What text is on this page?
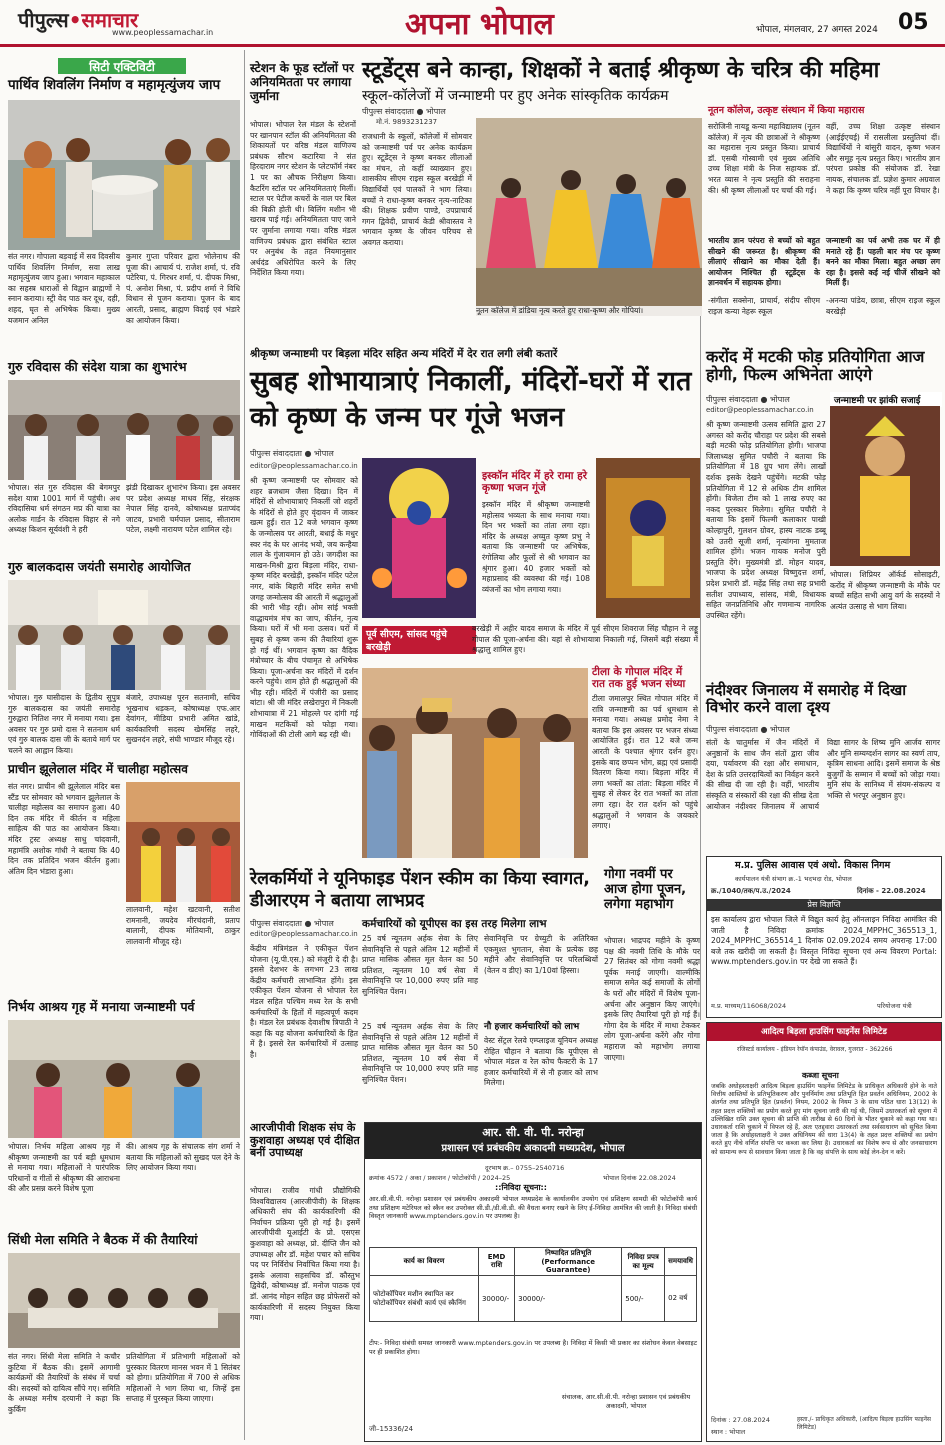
पीपुल्स•समाचार
www.peoplessamachar.in	अपना भोपाल	भोपाल, मंगलवार, 27 अगस्त 2024 05
सिटी एक्टिविटी
पार्थिव शिवलिंग निर्माण व महामृत्युंजय जाप
संत नगर। गोपाला बड़वाई में सव दिवसीय पार्थिव शिवलिंग निर्माण, सवा लाख महामृत्युंजय जाप हुआ। भगवान महाकाल का सहस्त्र धाराओं से विद्वान ब्राह्मणों ने स्नान कराया। स्ट्री वेद पाठ कर दूध, दही, शहद, घृत से अभिषेक किया। मुख्य यजमान अनिल
कुमार गुप्ता परिवार द्वारा भोलेनाथ की पूजा की। आचार्य पं. राजेश शर्मा, पं. रवि पटेरिया, पं. गिरधर शर्मा, पं. दीपक मिश्रा, पं. अनोश मिश्रा, पं. प्रदीप शर्मा ने विधि विधान से पूजन कराया। पूजन के बाद आरती, प्रसाद, ब्राह्मण विदाई एवं भंडारे का आयोजन किया।
गुरु रविदास की संदेश यात्रा का शुभारंभ
भोपाल। संत गुरु रविदास की बेगमपुर सदेश यात्रा 1001 मार्ग में पहुंची। अथ रविदासिया धर्म संगठन मप्र की यात्रा का अलोक गार्डन के रविदास विहार से नगे अध्यक्ष किशन सूर्यवंशी ने हरी
झंडी दिखाकर शुभारंभ किया। इस अवसर पर प्रदेश अध्यक्ष माधव सिंह, संरक्षक नेपाल सिंह दानवे, कोषाध्यक्ष प्रताप्चंद जाटव, प्रभारी चर्मपाल प्रसाद, सीताराम पटेल, लक्ष्मी नारायण पटेल शामिल रहे।
गुरु बालकदास जयंती समारोह आयोजित
भोपाल। गुरु घासीदास के द्वितीय सुपुत्र गुरु बालकदास का जयंती समारोह गुरुद्वारा नितिश नगर में मनाया गया। इस अवसर पर गुरु प्रमो दास ने सतनाम धर्म एवं गुरु बालक दास जी के बताये मार्ग पर चलने का आह्वान किया।
बंजारे, उपाध्यक्ष पूरन सतनामी, सचिव भूखनाथ धड़कन, कोषाध्यक्ष एफ.आर देवांगन, मीडिया प्रभारी अमित खांडे, कार्यकारिणी सदस्य खेमसिंह लहरे, सुखनदंन लहरे, संघी भाण्डार मौजूद रहे।
प्राचीन झूलेलाल मंदिर में चालीहा महोत्सव
संत नगर। प्राचीन श्री झूलेलाल मंदिर बस स्टैंड पर सोमवार को भगवान झूलेलाल के चालीहा महोत्सव का समापन हुआ। 40 दिन तक मंदिर में कीर्तन व महिला साहित्य की पाठ का आयोजन किया। मंदिर ट्रस्ट अध्यक्ष साधु चांदवानी, महामंत्रि अशोक गांधी ने बताया कि 40 दिन तक प्रतिदिन भजन कीर्तन हुआ। अंतिम दिन भंडारा हुआ।
लालवानी, महेश खटवानी, सतीश रामनानी, जयदेव मीरचंदानी, प्रताप बालानी, दीपक मोतियानी, ठाकुर लालवानी मौजूद रहे।
निर्भय आश्रय गृह में मनाया जन्माष्टमी पर्व
भोपाल। निर्भय महिला आश्रय गृह में श्रीकृष्ण जन्माष्टमी का पर्व बड़ी धूमधाम से मनाया गया। महिलाओं ने पारंपरिक परिधानों व गीतों से श्रीकृष्ण की आराधना की और प्रसन्न करने विशेष पूजा
की। आश्रय गृह के संचालक संग शर्मा ने बताया कि महिलाओं को सुखद पल देने के लिए आयोजन किया गया।
सिंधी मेला समिति ने बैठक में की तैयारियां
संत नगर। सिंधी मेला समिति ने कचौर कुटिया में बैठक की। इसमें आगामी कार्यक्रमों की तैयारियों के संबंध में चर्चा की। सदस्यों को दायित्व सौंपे गए। समिति के अध्यक्ष मनीष दरयानी ने कहा कि कुर्किंग
प्रतियोगिता में प्रतिभागी महिलाओं को पुरस्कार वितरण मानस भवन में 1 सितंबर को होगा। प्रतियोगिता में 700 से अधिक महिलाओं ने भाग लिया था, जिन्हें इस सप्ताह में पुरस्कृत किया जाएगा।
स्टेशन के फूड स्टॉलों पर अनियमितता पर लगाया जुर्माना
भोपाल। भोपाल रेल मंडल के स्टेशनों पर खानपान स्टॉल की अनियमितता की शिकायतों पर वरिष्ठ मंडल वाणिज्य प्रबंधक सौरभ कटारिया ने संत हिरदाराम नगर स्टेशन के प्लेटफॉर्म नंबर 1 पर का औचक निरीक्षण किया। कैटरिंग स्टॉल पर अनियमितताएं मिलीं। स्टाल पर पेटीज कचरों के नाल पर बिल की बिक्री होती थी। बिलिंग मशीन भी खराब पाई गई। अनियमितता पाए जाने पर जुर्माना लगाया गया। वरिष्ठ मंडल वाणिज्य प्रबंधक द्वारा संबंधित स्टाल पर अनुबंध के तहत नियमानुसार अर्थदंड अधिरोपित करने के लिए निर्देशित किया गया।
स्टूडेंट्स बने कान्हा, शिक्षकों ने बताई श्रीकृष्ण के चरित्र की महिमा
स्कूल-कॉलेजों में जन्माष्टमी पर हुए अनेक सांस्कृतिक कार्यक्रम
पीपुल्स संवाददाता ● भोपाल
मो.नं. 9893231237
राजधानी के स्कूलों, कॉलेजों में सोमवार को जन्माष्टमी पर्व पर अनेक कार्यक्रम हुए। स्टूडेंट्स ने कृष्ण बनकर लीलाओं का मंचन, तो कहीं व्याख्यान हुए। शासकीय सीएम राइस स्कूल बरखेड़ी में विद्यार्थियों एवं पालकों ने भाग लिया। बच्चों ने राधा-कृष्ण बनकर नृत्य-नाटिका की। शिक्षक प्रवीण पाण्डे, उपप्राचार्य गगन द्विवेदी, प्राचार्य केडी श्रीवास्तव ने भगवान कृष्ण के जीवन परिचय से अवगत कराया।
नूतन कॉलेज में डांडिया नृत्य करते हुए राधा-कृष्ण और गोपियां।
नूतन कॉलेज, उत्कृष्ट संस्थान में किया महारास
सरोजिनी नायडू कन्या महाविद्यालय (नूतन कॉलेज) में नृत्य की छात्राओं ने श्रीकृष्ण का महारास नृत्य प्रस्तुत किया। प्राचार्य डॉ. एसबी गोस्वामी एवं मुख्य अतिथि उच्च शिक्षा मंत्री के निज सहायक डॉ. भरत व्यास ने नृत्य प्रस्तुति की सराहना की। श्री कृष्ण लीलाओं पर चर्चा की गई।
वहीं, उच्च शिक्षा उत्कृष्ट संस्थान (आईईएचई) में रासलीला प्रस्तुतियां दीं। विद्यार्थियों ने बांसुरी वादन, कृष्ण भजन और समूह नृत्य प्रस्तुत किए। भारतीय ज्ञान परंपरा प्रकोष्ठ की संयोजक डॉ. रेखा नायक, संचालक डॉ. प्रज्ञेश कुमार अग्रवाल ने कहा कि कृष्ण चरित्र नहीं पूरा विचार है।
भारतीय ज्ञान परंपरा से बच्चों को बहुत सीखने की जरूरत है। श्रीकृष्ण की लीलाएं सीखाने का मौका देती हैं। आयोजन निश्चित ही स्टूडेंट्स के ज्ञानवर्धन में सहायक होगा।
-संगीता सक्सेना, प्राचार्य, संदीप सीएम राइज कन्या नेहरू स्कूल
जन्माष्टमी का पर्व अभी तक घर में ही मनाते रहे हैं। पहली बार मंच पर कृष्ण बनने का मौका मिला। बहुत अच्छा लग रहा है। इससे कई नई चीजें सीखने को मिलीं हैं।
-अनन्या पांडेय, छात्रा, सीएम राइज स्कूल बरखेड़ी
श्रीकृष्ण जन्माष्टमी पर बिड़ला मंदिर सहित अन्य मंदिरों में देर रात लगी लंबी कतारें
सुबह शोभायात्राएं निकालीं, मंदिरों-घरों में रात को कृष्ण के जन्म पर गूंजे भजन
पीपुल्स संवाददाता ● भोपाल
editor@peoplessamachar.co.in
श्री कृष्ण जन्माष्टमी पर सोमवार को शहर ब्रजधाम जैसा दिखा। दिन में मंदिरों से शोभायात्राएं निकलीं जो शहरों के मंदिरों से होते हुए वृंदावन में जाकर खत्म हुईं। रात 12 बजे भगवान कृष्ण के जन्मोत्सव पर आरती, बधाई के मधुर स्वर नंद के घर आनंद भयो, जय कन्हैया लाल के गुंजायमान हो उठे। जगदीश का माखन-मिश्री द्वारा बिड़ला मंदिर, राधा-कृष्ण मंदिर बरखेड़ी, इस्कॉन मंदिर पटेल नगर, बांके बिहारी मंदिर समेत सभी जगह जन्मोत्सव की आरती में श्रद्धालुओं की भारी भीड़ रही। ओम सांई भक्ती वाद्धायमंत्र मंच का जाप, कीर्तन, नृत्य किया। घरों में भी मना उत्सव। घरों में सुबह से कृष्ण जन्म की तैयारियां शुरू हो गई थीं। भगवान कृष्ण का वैदिक मंत्रोच्चार के बीच पंचामृत से अभिषेक किया। पूजा-अर्चना कर मंदिरों में दर्शन करने पहुंचे। शाम होते ही श्रद्धालुओं की भीड़ रही। मंदिरों में पंजीरी का प्रसाद बांटा। श्री जी मंदिर लखेरापुरा में निकली शोभायात्रा में 21 मोहल्ले पर दांगी गई माखन मटकियों को फोड़ा गया। गोविंदाओं की टोली आगे बढ़ रही थी।
इस्कॉन मंदिर में हरे रामा हरे कृष्णा भजन गूंजे
इस्कॉन मंदिर में श्रीकृष्ण जन्माष्टमी महोत्सव भव्यता के साथ मनाया गया। दिन भर भक्तों का तांता लगा रहा। मंदिर के अध्यक्ष अच्युत कृष्ण प्रभु ने बताया कि जन्माष्टमी पर अभिषेक, रंगोलिया और फूलों से श्री भगवान का श्रृंगार हुआ। 40 हजार भक्तों को महाप्रसाद की व्यवस्था की गई। 108 व्यंजनों का भोग लगाया गया।
पूर्व सीएम, सांसद पहुंचे बरखेड़ी
बरखेड़ी में अहीर यादव समाज के मंदिर में पूर्व सीएम शिवराज सिंह चौहान ने लड्डू गोपाल की पूजा-अर्चना की। यहां से शोभायात्रा निकाली गई, जिसमें बड़ी संख्या में श्रद्धालु शामिल हुए।
टीला के गोपाल मंदिर में रात तक हुई भजन संध्या
टीला जमालपुर स्थित गोपाल मंदिर में रात्रि जन्माष्टमी का पर्व धूमधाम से मनाया गया। अध्यक्ष प्रमोद नेमा ने बताया कि इस अवसर पर भजन संध्या आयोजित हुई। रात 12 बजे जन्म आरती के पश्चात श्रृंगार दर्शन हुए। इसके बाद छप्पन भोग, ब्रह्म एवं प्रसादी वितरण किया गया। बिड़ला मंदिर में लगा भक्तों का तांता: बिड़ला मंदिर में सुबह से लेकर देर रात भक्तों का तांता लगा रहा। देर रात दर्शन को पहुंचे श्रद्धालुओं ने भगवान के जयकारे लगाए।
करोंद में मटकी फोड़ प्रतियोगिता आज होगी, फिल्म अभिनेता आएंगे
पीपुल्स संवाददाता ● भोपाल
editor@peoplessamachar.co.in
श्री कृष्ण जन्माष्टमी उत्सव समिति द्वारा 27 अगस्त को करोंद चौराहा पर प्रदेश की सबसे बड़ी मटकी फोड़ प्रतियोगिता होगी। भाजपा जिलाध्यक्ष सुमित पचौरी ने बताया कि प्रतियोगिता में 18 ग्रुप भाग लेंगे। लाखों दर्शक इसके देखने पहुंचेंगे। मटकी फोड़ प्रतियोगिता में 12 से अधिक टीम शामिल होंगी। विजेता टीम को 1 लाख रुपए का नकद पुरस्कार मिलेगा। सुमित पचौरी ने बताया कि इसमें फिल्मी कलाकार पाखी कोल्हापुरी, गुलशन ग्रोवर, हास्य नाटक डब्बू को उतरी सूजी शर्मा, नृत्यांगना मुमताज शामिल होंगे। भजन गायक मनोज पुरी प्रस्तुति देंगे। मुख्यमंत्री डॉ. मोहन यादव, भाजपा के प्रदेश अध्यक्ष विष्णुदत्त शर्मा, प्रदेश प्रभारी डॉ. महेंद्र सिंह तथा सह प्रभारी सतीश उपाध्याय, सांसद, मंत्री, विधायक सहित जनप्रतिनिधि और गणमान्य नागरिक उपस्थित रहेंगे।
जन्माष्टमी पर झांकी सजाई
भोपाल। शिप्रियर ऑर्कर्ड सोसाइटी, करोंद में श्रीकृष्ण जन्माष्टमी के मौके पर बच्चों सहित सभी आयु वर्ग के सदस्यों ने अत्यंत उत्साह से भाग लिया।
नंदीश्वर जिनालय में समारोह में दिखा विभोर करने वाला दृश्य
पीपुल्स संवाददाता ● भोपाल
संतों के चातुर्मास में जैन मंदिरों में अनुष्ठानों के साथ जैन संतों द्वारा जीव दया, पर्यावरण की रक्षा और समाधान, देश के प्रति उत्तरदायित्वों का निर्वहन करने की सीख दी जा रही है। वहीं, भारतीय संस्कृति व संस्कारों की रक्षा की सीख देता आयोजन नंदीश्वर जिनालय में आचार्य विद्या सागर के शिष्य मुनि आर्जव सागर और मुनि सम्यग्दर्शन सागर का स्वर्ण ताप, कृत्रिम साधना आदि। इसमें समाज के श्रेष्ठ बुजुर्गों के सम्मान में बच्चों को जोड़ा गया। मुनि संघ के सानिध्य में संयम-संकल्प व भक्ति से भरपूर अनुष्ठान हुए।
रेलकर्मियों ने यूनिफाइड पेंशन स्कीम का किया स्वागत, डीआरएम ने बताया लाभप्रद
पीपुल्स संवाददाता ● भोपाल
editor@peoplessamachar.co.in
केंद्रीय मंत्रिमंडल ने एकीकृत पेंशन योजना (यू.पी.एस.) को मंजूरी दे दी है। इससे देशभर के लगभग 23 लाख केंद्रीय कर्मचारी लाभान्वित होंगे। इस एकीकृत पेंशन योजना से भोपाल रेल मंडल सहित पश्चिम मध्य रेल के सभी कर्मचारियों के हितों में महत्वपूर्ण कदम है। मंडल रेल प्रबंधक देवाशीष त्रिपाठी ने कहा कि यह योजना कर्मचारियों के हित में है। इससे रेल कर्मचारियों में उत्साह है।
कर्मचारियों को यूपीएस का इस तरह मिलेगा लाभ
25 वर्ष न्यूनतम अर्हक सेवा के लिए सेवानिवृत्ति से पहले अंतिम 12 महीनों में प्राप्त मासिक औसत मूल वेतन का 50 प्रतिशत, न्यूनतम 10 वर्ष सेवा में सेवानिवृत्ति पर 10,000 रुपए प्रति माह सुनिश्चित पेंशन।
सेवानिवृत्ति पर ग्रेच्युटी के अतिरिक्त एकमुश्त भुगतान, सेवा के प्रत्येक छह महीने और सेवानिवृत्ति पर परिलब्धियों (वेतन व डीए) का 1/10वां हिस्सा।
नौ हजार कर्मचारियों को लाभ
वेस्ट सेंट्रल रेलवे एम्प्लाइज यूनियन अध्यक्ष रोहित चौहान ने बताया कि यूपीएस से भोपाल मंडल व रेल कोच फैक्टरी के 17 हजार कर्मचारियों में से नौ हजार को लाभ मिलेगा।
25 वर्ष न्यूनतम अर्हक सेवा के लिए सेवानिवृत्ति से पहले अंतिम 12 महीनों में प्राप्त मासिक औसत मूल वेतन का 50 प्रतिशत, न्यूनतम 10 वर्ष सेवा में सेवानिवृत्ति पर 10,000 रुपए प्रति माह सुनिश्चित पेंशन।
गोगा नवमीं पर आज होगा पूजन, लगेगा महाभोग
भोपाल। भाद्रपद महीने के कृष्ण पक्ष की नवमी तिथि के मौके पर 27 सितंबर को गोगा नवमी श्रद्धा पूर्वक मनाई जाएगी। वाल्मीकि समाज समेत कई समाजों के लोगों के घरों और मंदिरों में विशेष पूजा-अर्चना और अनुष्ठान किए जाएंगे। इसके लिए तैयारियां पूरी हो गई हैं। गोगा देव के मंदिर में माथा टेककर लोग पूजा-अर्चना करेंगे और गोगा महाराज को महाभोग लगाया जाएगा।
म.प्र. पुलिस आवास एवं अधो. विकास निगम
कार्यपालन यंत्री संभाग क्र.-1 भदभदा रोड, भोपाल
क्र./1040/तक/प.उ./2024	दिनांक - 22.08.2024
प्रेस विज्ञप्ति
इस कार्यालय द्वारा भोपाल जिले में विद्युत कार्य हेतु ऑनलाइन निविदा आमंत्रित की जाती है निविदा क्रमांक 2024_MPPHC_365513_1, 2024_MPPHC_365514_1 दिनांक 02.09.2024 समय अपरान्ह 17:00 बजे तक खरीदी जा सकती है। विस्तृत निविदा सूचना एवं अन्य विवरण Portal: www.mptenders.gov.in पर देखे जा सकते हैं।
म.प्र. माध्यम/116068/2024	परियोजना यंत्री
आरजीपीवी शिक्षक संघ के कुशवाहा अध्यक्ष एवं दीक्षित बनीं उपाध्यक्ष
भोपाल। राजीव गांधी प्रौद्योगिकी विश्वविद्यालय (आरजीपीवी) के शिक्षक अधिकारी संघ की कार्यकारिणी की निर्वाचन प्रक्रिया पूरी हो गई है। इसमें आरजीपीवी यूआईटी के प्रो. एसएस कुशवाहा को अध्यक्ष, प्रो. दीप्ति जैन को उपाध्यक्ष और डॉ. महेश पचार को सचिव पद पर निर्विरोध निर्वाचित किया गया है। इसके अलावा सहसचिव डॉ. कौस्तुभ द्विवेदी, कोषाध्यक्ष डॉ. मनोज पाठक एवं डॉ. आनंद मोहन सहित छह प्रोफेसरों को कार्यकारिणी में सदस्य नियुक्त किया गया।
आर. सी. वी. पी. नरोन्हा
प्रशासन एवं प्रबंधकीय अकादमी मध्यप्रदेश, भोपाल
दूरभाष क्र.– 0755–2540716
क्रमांक 4572 / अका / प्रकाशन / फोटोकॉपी / 2024–25	भोपाल दिनांक 22.08.2024
::निविदा सूचना::
आर.सी.वी.पी. नरोन्हा प्रशासन एवं प्रबंधकीय अकादमी भोपाल मध्यप्रदेश के कार्यालयीन उपयोग एवं प्रशिक्षण सामग्री की फोटोकॉपी कार्य तथा प्रशिक्षण मटेरियल को स्कैन कर उपरोक्त सी.डी./डी.वी.डी. की वैधता बनाए रखने के लिए ई-निविदा आमंत्रित की जाती है। निविदा संबंधी विस्तृत जानकारी www.mptenders.gov.in पर उपलब्ध है।
कार्य का विवरण	EMD राशि	निष्पादित प्रतिभूति (Performance Guarantee)	निविदा प्रपत्र का मूल्य	समयावधि
फोटोकॉपियर मशीन स्थापित कर फोटोकॉपियर संबंधी कार्य एवं स्कैनिंग	30000/-	30000/-	500/-	02 वर्ष
टीप:- निविदा संबंधी समस्त जानकारी www.mptenders.gov.in पर उपलब्ध है। निविदा में किसी भी प्रकार का संशोधन केवल वेबसाइट पर ही प्रकाशित होगा।
संचालक, आर.सी.वी.पी. नरोन्हा प्रशासन एवं प्रबंधकीय अकादमी, भोपाल
जी–15336/24
आदित्य बिड़ला हाउसिंग फाइनेंस लिमिटेड
रजिस्टर्ड कार्यालय - इंडियन रेयॉन कंपाउंड, वेरावल, गुजरात - 362266
कब्जा सूचना
जबकि अधोहस्ताक्षरी आदित्य बिड़ला हाउसिंग फाइनेंस लिमिटेड के प्राधिकृत अधिकारी होने के नाते वित्तीय आस्तियों के प्रतिभूतिकरण और पुनर्निर्माण तथा प्रतिभूति हित प्रवर्तन अधिनियम, 2002 के अंतर्गत तथा प्रतिभूति हित (प्रवर्तन) नियम, 2002 के नियम 3 के साथ पठित धारा 13(12) के तहत प्रदत्त शक्तियों का प्रयोग करते हुए मांग सूचना जारी की गई थी, जिसमें उधारकर्ता को सूचना में उल्लिखित राशि उक्त सूचना की प्राप्ति की तारीख से 60 दिनों के भीतर चुकाने को कहा गया था। उधारकर्ता राशि चुकाने में विफल रहे हैं, अतः एतद्द्वारा उधारकर्ता तथा सर्वसाधारण को सूचित किया जाता है कि अधोहस्ताक्षरी ने उक्त अधिनियम की धारा 13(4) के तहत प्रदत्त शक्तियों का प्रयोग करते हुए नीचे वर्णित संपत्ति पर कब्जा कर लिया है। उधारकर्ता का विशेष रूप से और जनसाधारण को सामान्य रूप से सावधान किया जाता है कि वह संपत्ति के साथ कोई लेन-देन न करें।
दिनांक : 27.08.2024
स्थान : भोपाल
हस्ता./- प्राधिकृत अधिकारी, (आदित्य बिड़ला हाउसिंग फाइनेंस लिमिटेड)
